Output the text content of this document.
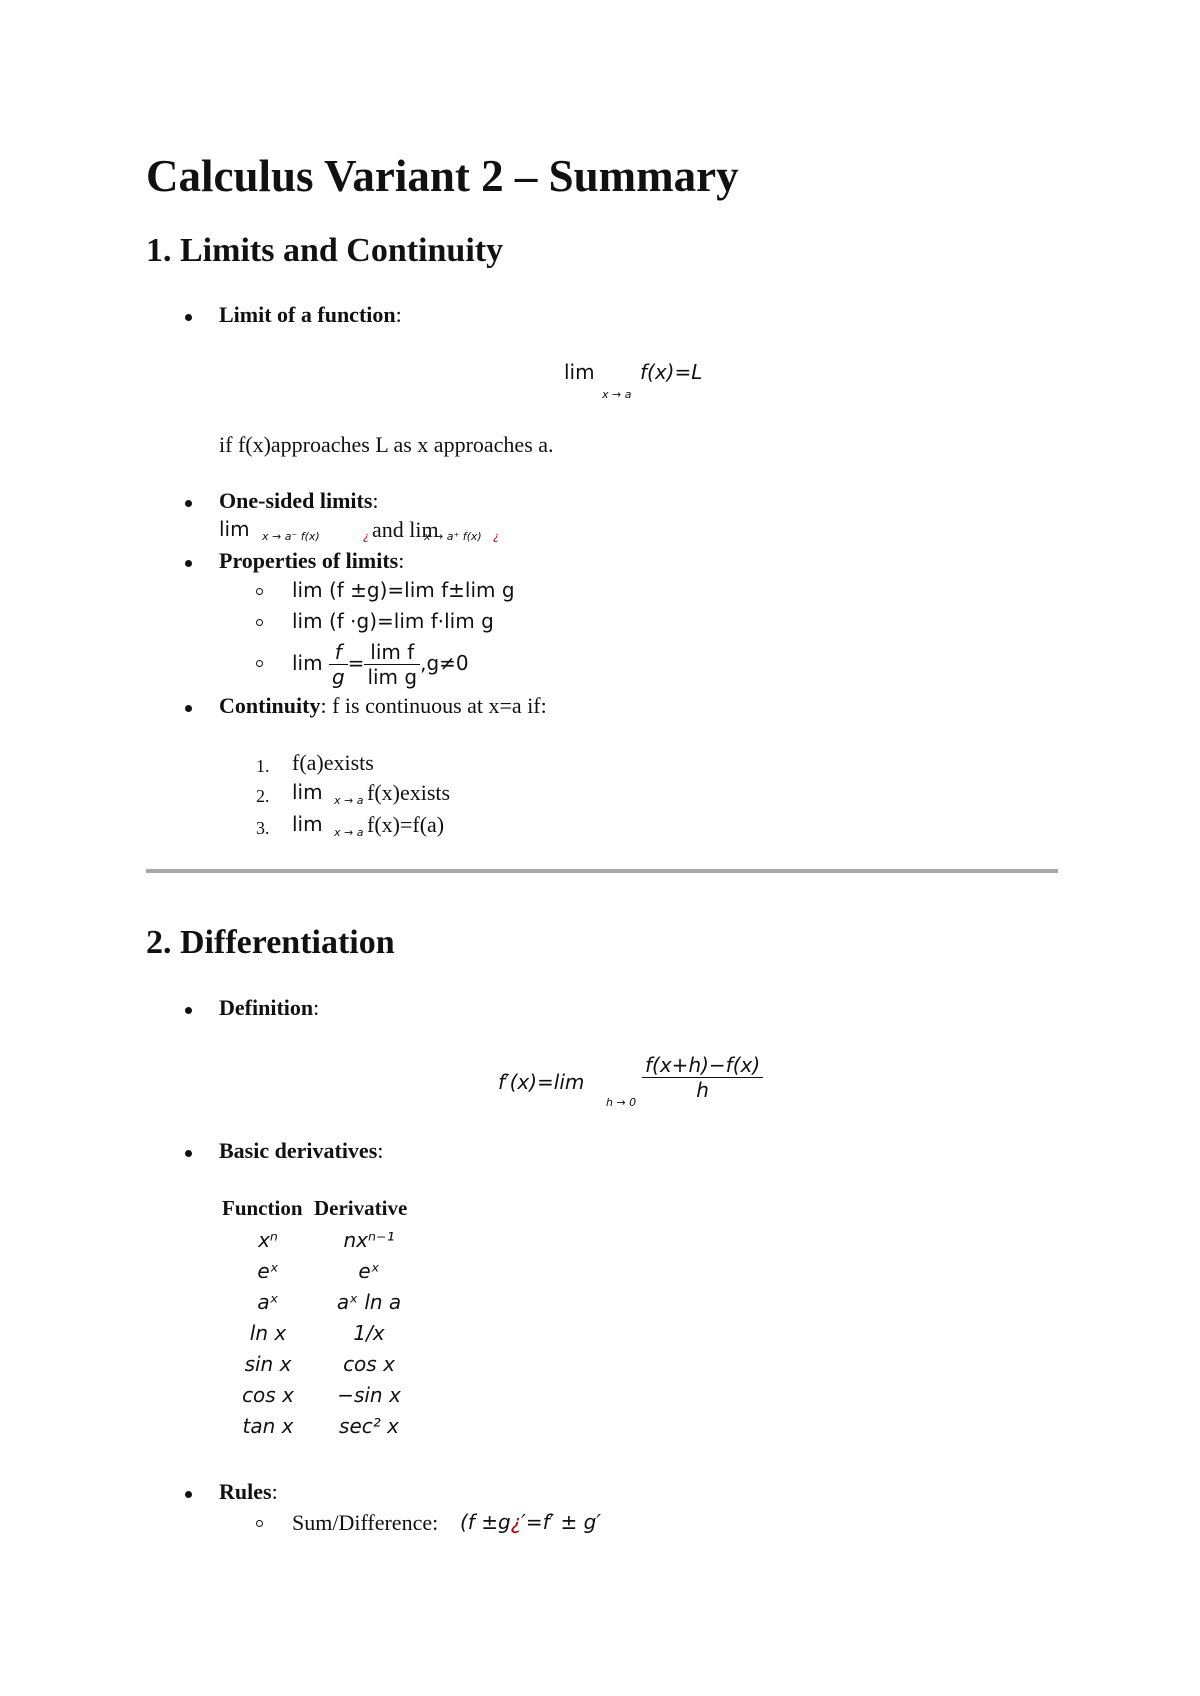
Calculus Variant 2 – Summary
1. Limits and Continuity
Limit of a function:
lim
x → a
f(x)=L
if f(x)approaches L as x approaches a.
One-sided limits:
lim x → a⁻ f(x)	¿ and lim
x → a⁺ f(x) ¿
Properties of limits:
lim (f ±g)=lim f±lim g
lim (f ⋅g)=lim f⋅lim g
$\lim \frac{f}{g} = \frac{\text{lim f}}{\text{lim g}} ,g\ne 0$
Continuity: f is continuous at x=a if:
1. f(a)exists
2. lim x → a f(x)exists
3. lim x → a f(x)=f(a)
2. Differentiation
Definition:
f′(x)=lim
h → 0
$\frac{f(x+h)-f(x)}{h}$
Basic derivatives:
Function Derivative
xⁿ	nxⁿ⁻¹
eˣ	eˣ
aˣ	aˣ ln a
ln x	1/x
sin x	cos x
cos x	−sin x
tan x	sec² x
Rules:
Sum/Difference: (f ±g¿′=f′ ± g′
